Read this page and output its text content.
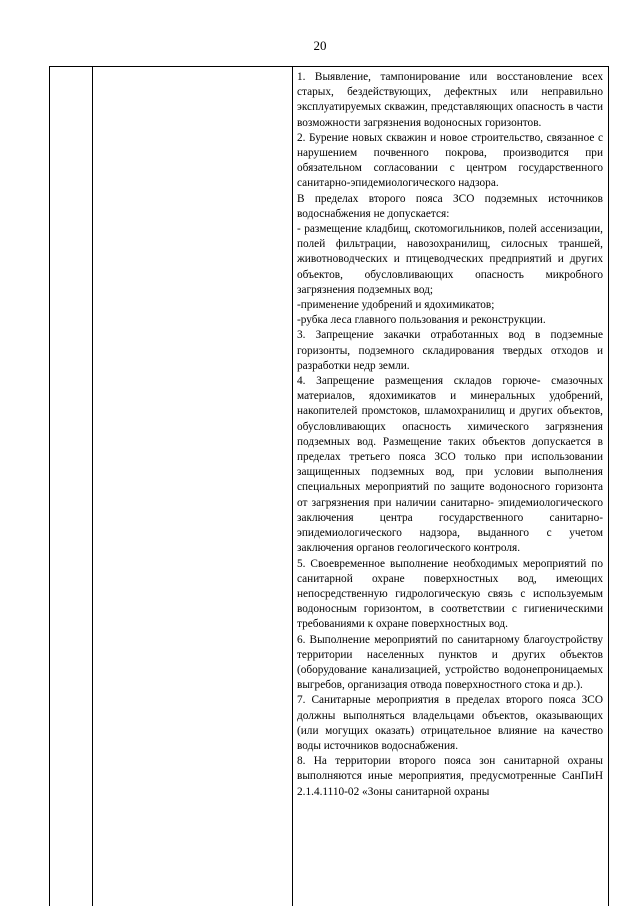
20

1. Выявление, тампонирование или восстановление всех старых, бездействующих, дефектных или неправильно эксплуатируемых скважин, представляющих опасность в части возможности загрязнения водоносных горизонтов.

2. Бурение новых скважин и новое строительство, связанное с нарушением почвенного покрова, производится при обязательном согласовании с центром государственного санитарно-эпидемиологического надзора.

В пределах второго пояса ЗСО подземных источников водоснабжения не допускается:

- размещение кладбищ, скотомогильников, полей ассенизации, полей фильтрации, навозохранилищ, силосных траншей, животноводческих и птицеводческих предприятий и других объектов, обусловливающих опасность микробного загрязнения подземных вод;

-применение удобрений и ядохимикатов;

-рубка леса главного пользования и реконструкции.

3. Запрещение закачки отработанных вод в подземные горизонты, подземного складирования твердых отходов и разработки недр земли.

4. Запрещение размещения складов горюче- смазочных материалов, ядохимикатов и минеральных удобрений, накопителей промстоков, шламохранилищ и других объектов, обусловливающих опасность химического загрязнения подземных вод. Размещение таких объектов допускается в пределах третьего пояса ЗСО только при использовании защищенных подземных вод, при условии выполнения специальных мероприятий по защите водоносного горизонта от загрязнения при наличии санитарно- эпидемиологического заключения центра государственного санитарно-эпидемиологического надзора, выданного с учетом заключения органов геологического контроля.

5. Своевременное выполнение необходимых мероприятий по санитарной охране поверхностных вод, имеющих непосредственную гидрологическую связь с используемым водоносным горизонтом, в соответствии с гигиеническими требованиями к охране поверхностных вод.

6. Выполнение мероприятий по санитарному благоустройству территории населенных пунктов и других объектов (оборудование канализацией, устройство водонепроницаемых выгребов, организация отвода поверхностного стока и др.).

7. Санитарные мероприятия в пределах второго пояса ЗСО должны выполняться владельцами объектов, оказывающих (или могущих оказать) отрицательное влияние на качество воды источников водоснабжения.

8. На территории второго пояса зон санитарной охраны выполняются иные мероприятия, предусмотренные СанПиН 2.1.4.1110-02 «Зоны санитарной охраны
